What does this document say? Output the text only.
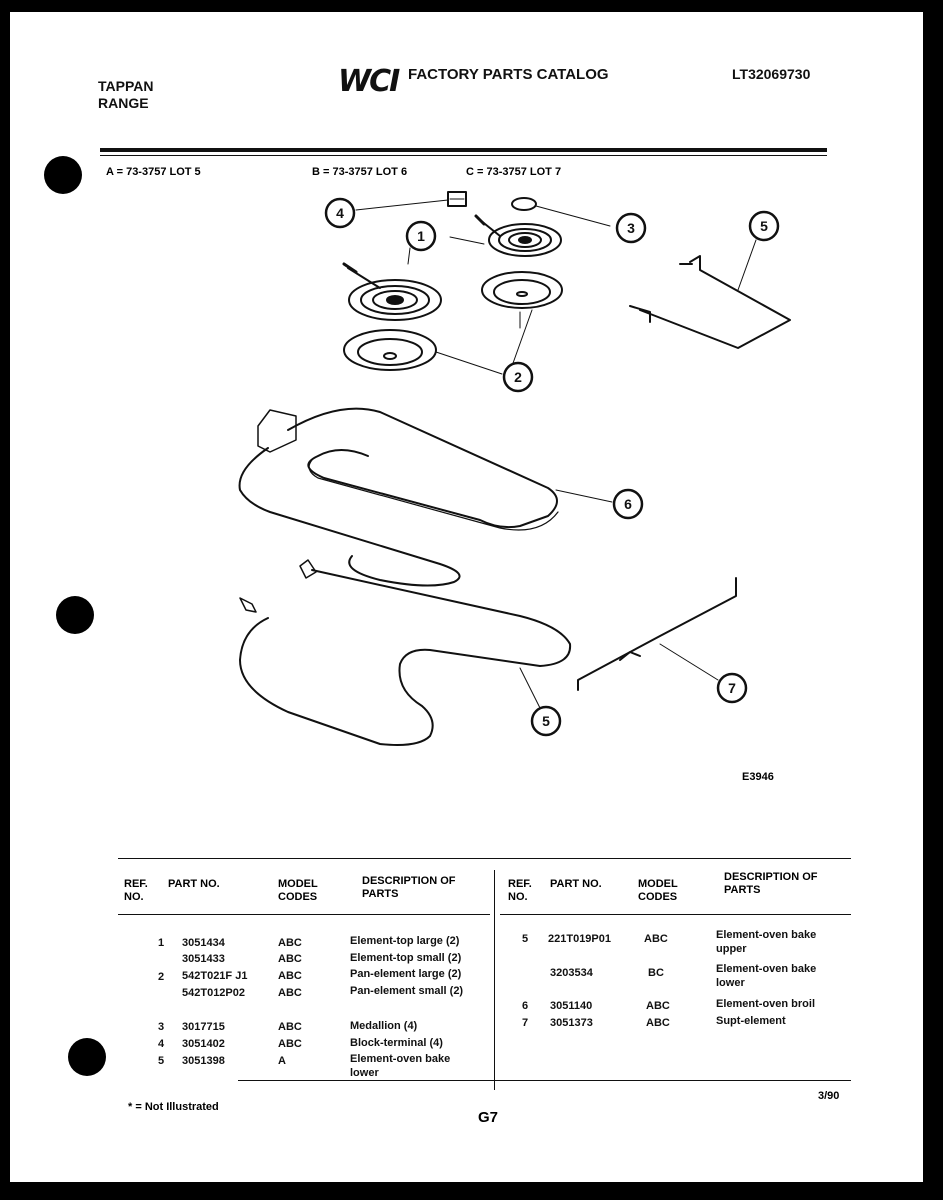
TAPPAN
RANGE
WCI FACTORY PARTS CATALOG	LT32069730
A = 73-3757 LOT 5	B = 73-3757 LOT 6	C = 73-3757 LOT 7
4
1	3	5
2
6
7
5
E3946
REF. NO.
PART NO.	MODEL CODES
DESCRIPTION OF PARTS
REF. NO.
PART NO.	MODEL CODES
DESCRIPTION OF PARTS
1 3051434	ABC	Element-top large (2)
3051433	ABC	Element-top small (2)
2 542T021F J1	ABC	Pan-element large (2)
542T012P02	ABC	Pan-element small (2)
3 3017715	ABC	Medallion (4)
4 3051402	ABC	Block-terminal (4)
5 3051398	A	Element-oven bake lower
5 221T019P01	ABC	Element-oven bake upper
3203534	BC	Element-oven bake lower
6 3051140	ABC	Element-oven broil
7 3051373	ABC	Supt-element
* = Not Illustrated
G7
3/90
